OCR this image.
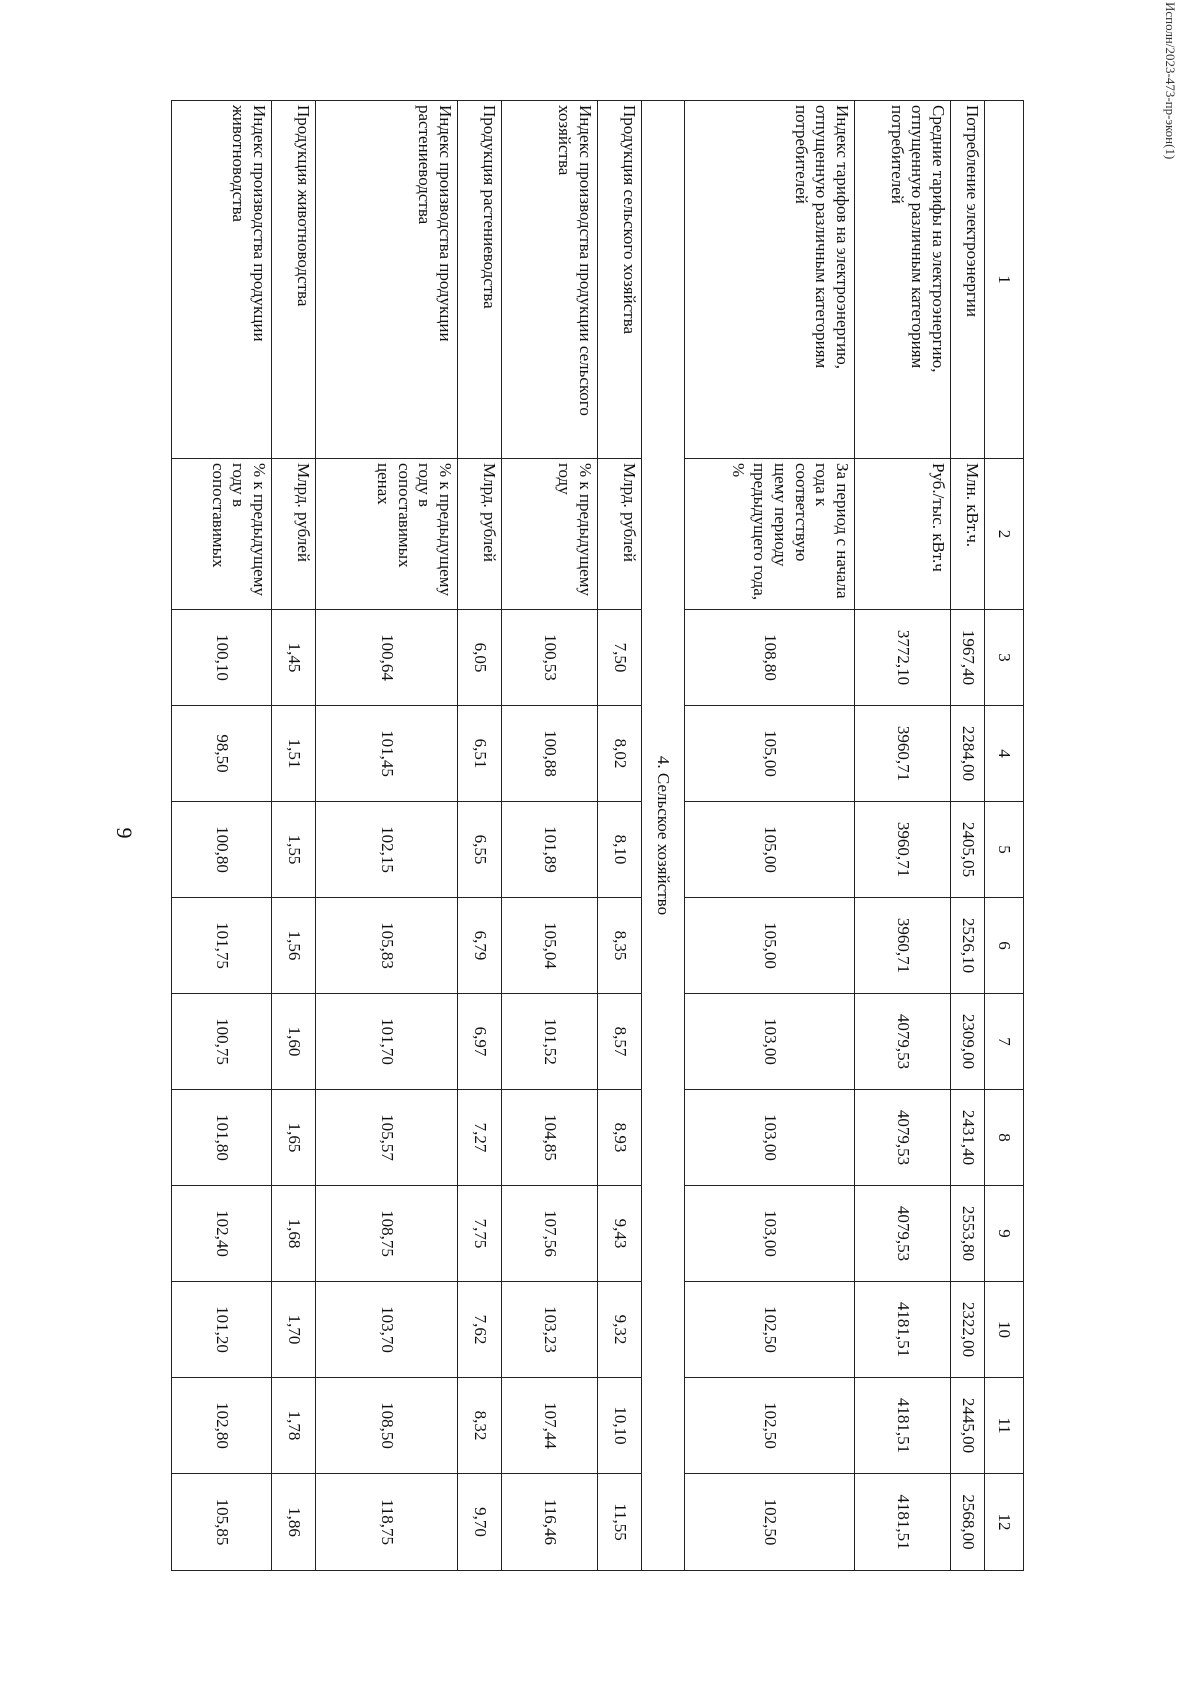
9
1	2	3	4	5	6	7	8	9	10	11	12
Потребление электроэнергии	Млн. кВт.ч.	1967,40	2284,00	2405,05	2526,10	2309,00	2431,40	2553,80	2322,00	2445,00	2568,00
Средние тарифы на электроэнергию, отпущенную различным категориям потребителей	Руб./тыс. кВт.ч	3772,10	3960,71	3960,71	3960,71	4079,53	4079,53	4079,53	4181,51	4181,51	4181,51
Индекс тарифов на электроэнергию, отпущенную различным категориям потребителей	За период с начала года к соответствую щему периоду предыдущего года, %	108,80	105,00	105,00	105,00	103,00	103,00	103,00	102,50	102,50	102,50
4. Сельское хозяйство											
Продукция сельского хозяйства	Млрд. рублей	7,50	8,02	8,10	8,35	8,57	8,93	9,43	9,32	10,10	11,55
Индекс производства продукции сельского хозяйства	% к предыдущему году	100,53	100,88	101,89	105,04	101,52	104,85	107,56	103,23	107,44	116,46
Продукция растениеводства	Млрд. рублей	6,05	6,51	6,55	6,79	6,97	7,27	7,75	7,62	8,32	9,70
Индекс производства продукции растениеводства	% к предыдущему году в сопоставимых ценах	100,64	101,45	102,15	105,83	101,70	105,57	108,75	103,70	108,50	118,75
Продукция животноводства	Млрд. рублей	1,45	1,51	1,55	1,56	1,60	1,65	1,68	1,70	1,78	1,86
Индекс производства продукции животноводства	% к предыдущему году в сопоставимых	100,10	98,50	100,80	101,75	100,75	101,80	102,40	101,20	102,80	105,85
Исполн/2023-473-пр-экон(1)
